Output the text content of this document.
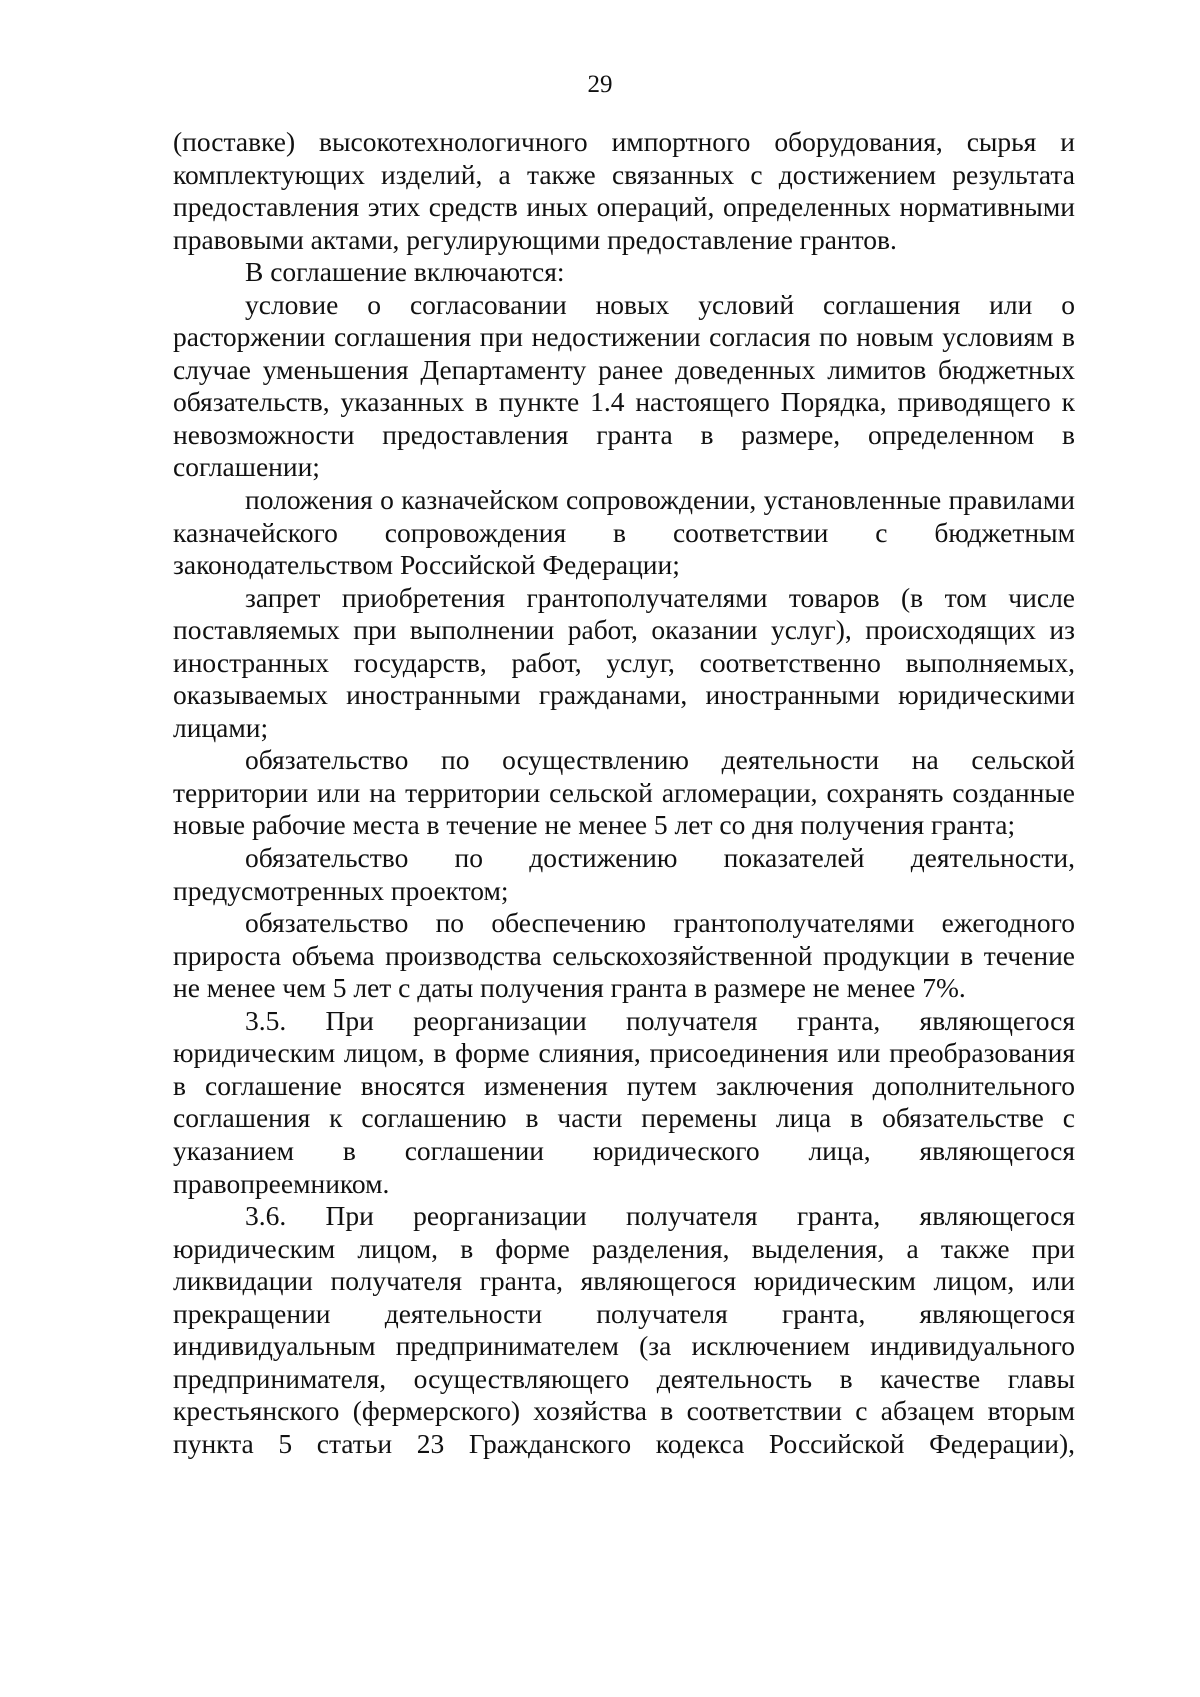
29

(поставке) высокотехнологичного импортного оборудования, сырья и комплектующих изделий, а также связанных с достижением результата предоставления этих средств иных операций, определенных нормативными правовыми актами, регулирующими предоставление грантов.

В соглашение включаются:

условие о согласовании новых условий соглашения или о расторжении соглашения при недостижении согласия по новым условиям в случае уменьшения Департаменту ранее доведенных лимитов бюджетных обязательств, указанных в пункте 1.4 настоящего Порядка, приводящего к невозможности предоставления гранта в размере, определенном в соглашении;

положения о казначейском сопровождении, установленные правилами казначейского сопровождения в соответствии с бюджетным законодательством Российской Федерации;

запрет приобретения грантополучателями товаров (в том числе поставляемых при выполнении работ, оказании услуг), происходящих из иностранных государств, работ, услуг, соответственно выполняемых, оказываемых иностранными гражданами, иностранными юридическими лицами;

обязательство по осуществлению деятельности на сельской территории или на территории сельской агломерации, сохранять созданные новые рабочие места в течение не менее 5 лет со дня получения гранта;

обязательство по достижению показателей деятельности, предусмотренных проектом;

обязательство по обеспечению грантополучателями ежегодного прироста объема производства сельскохозяйственной продукции в течение не менее чем 5 лет с даты получения гранта в размере не менее 7%.

3.5. При реорганизации получателя гранта, являющегося юридическим лицом, в форме слияния, присоединения или преобразования в соглашение вносятся изменения путем заключения дополнительного соглашения к соглашению в части перемены лица в обязательстве с указанием в соглашении юридического лица, являющегося правопреемником.

3.6. При реорганизации получателя гранта, являющегося юридическим лицом, в форме разделения, выделения, а также при ликвидации получателя гранта, являющегося юридическим лицом, или прекращении деятельности получателя гранта, являющегося индивидуальным предпринимателем (за исключением индивидуального предпринимателя, осуществляющего деятельность в качестве главы крестьянского (фермерского) хозяйства в соответствии с абзацем вторым пункта 5 статьи 23 Гражданского кодекса Российской Федерации),
